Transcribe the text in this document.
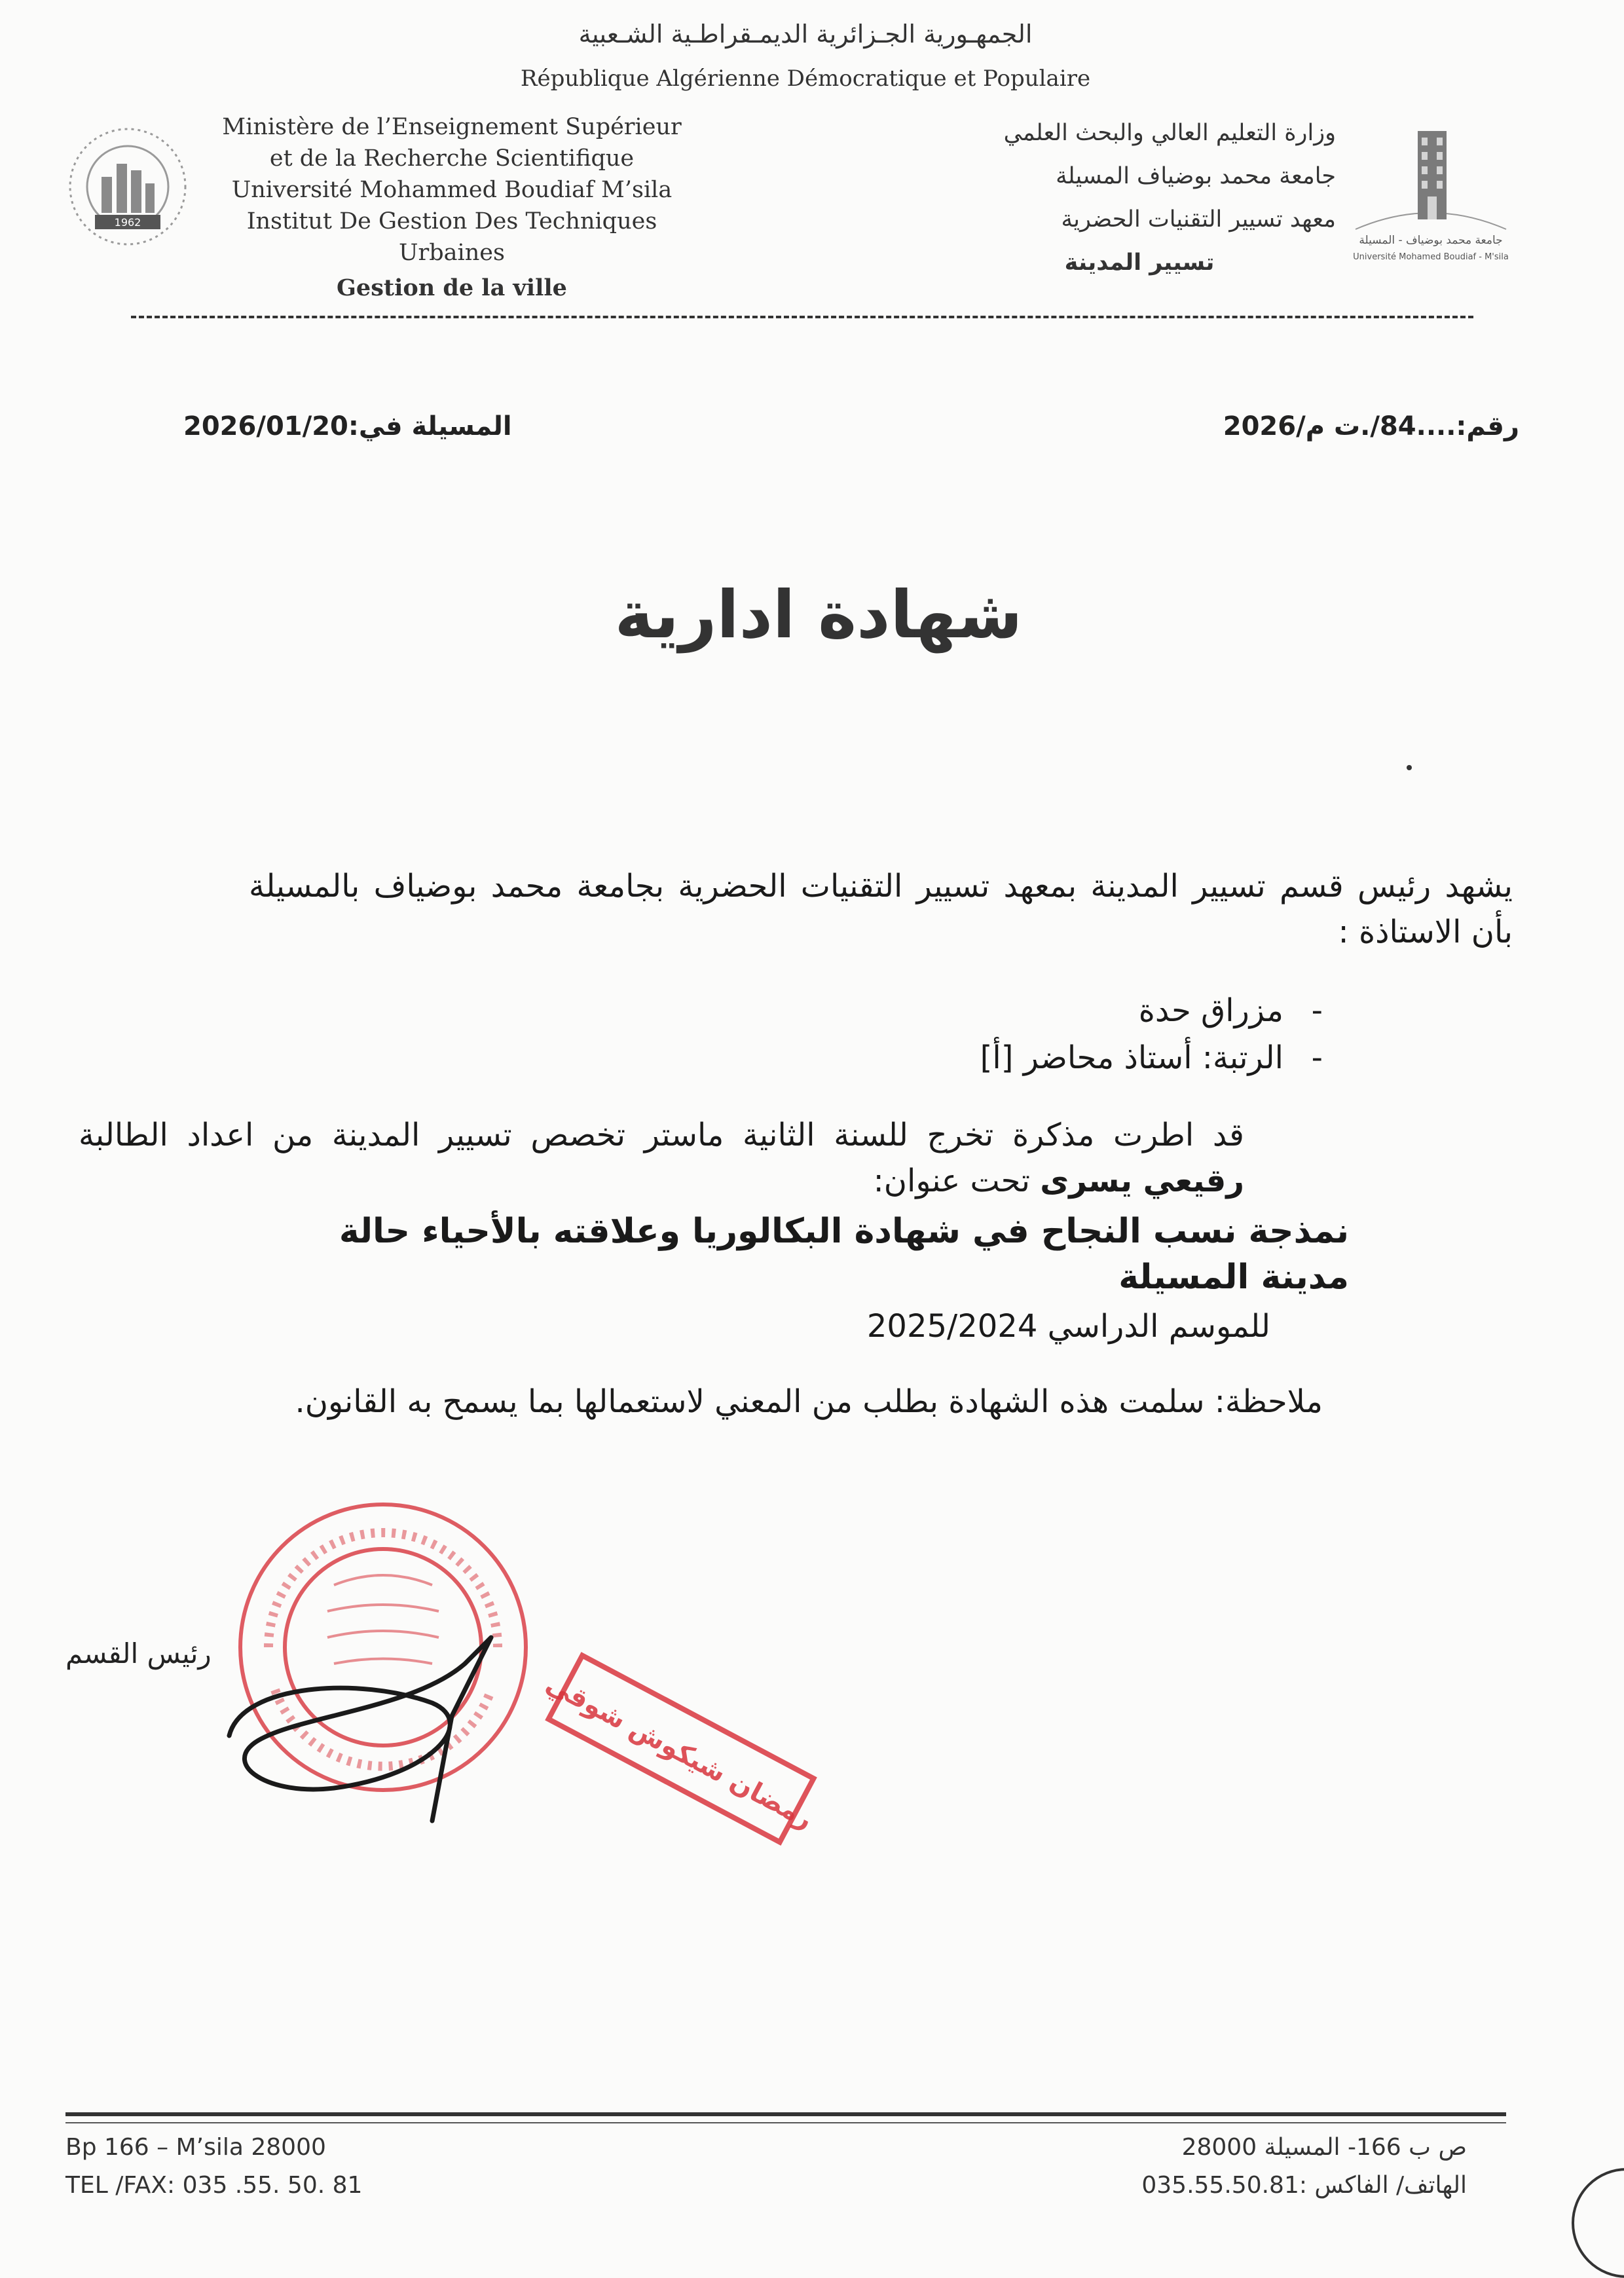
الجمهـورية الجـزائرية الديمـقراطـية الشـعبية
République Algérienne Démocratique et Populaire
1962
Ministère de l’Enseignement Supérieur
et de la Recherche Scientifique
Université Mohammed Boudiaf M’sila
Institut De Gestion Des Techniques
Urbaines
Gestion de la ville
وزارة التعليم العالي والبحث العلمي
جامعة محمد بوضياف المسيلة
معهد تسيير التقنيات الحضرية
تسيير المدينة
جامعة محمد بوضياف - المسيلة
Université Mohamed Boudiaf - M'sila
المسيلة في:2026/01/20	رقم:....84/.ت م/2026
شهادة ادارية
يشهد رئيس قسم تسيير المدينة بمعهد تسيير التقنيات الحضرية بجامعة محمد بوضياف بالمسيلة بأن الاستاذة :
-
مزراق حدة
-
الرتبة: أستاذ محاضر [أ]
قد اطرت مذكرة تخرج للسنة الثانية ماستر تخصص تسيير المدينة من اعداد الطالبة رقيعي يسرى تحت عنوان:
نمذجة نسب النجاح في شهادة البكالوريا وعلاقته بالأحياء حالة مدينة المسيلة
للموسم الدراسي 2025/2024
ملاحظة: سلمت هذه الشهادة بطلب من المعني لاستعمالها بما يسمح به القانون.
رئيس القسم
رمضان شيكوش شوقي
Bp 166 – M’sila 28000
TEL /FAX: 035 .55. 50. 81
ص ب 166- المسيلة 28000
الهاتف/ الفاكس :035.55.50.81
